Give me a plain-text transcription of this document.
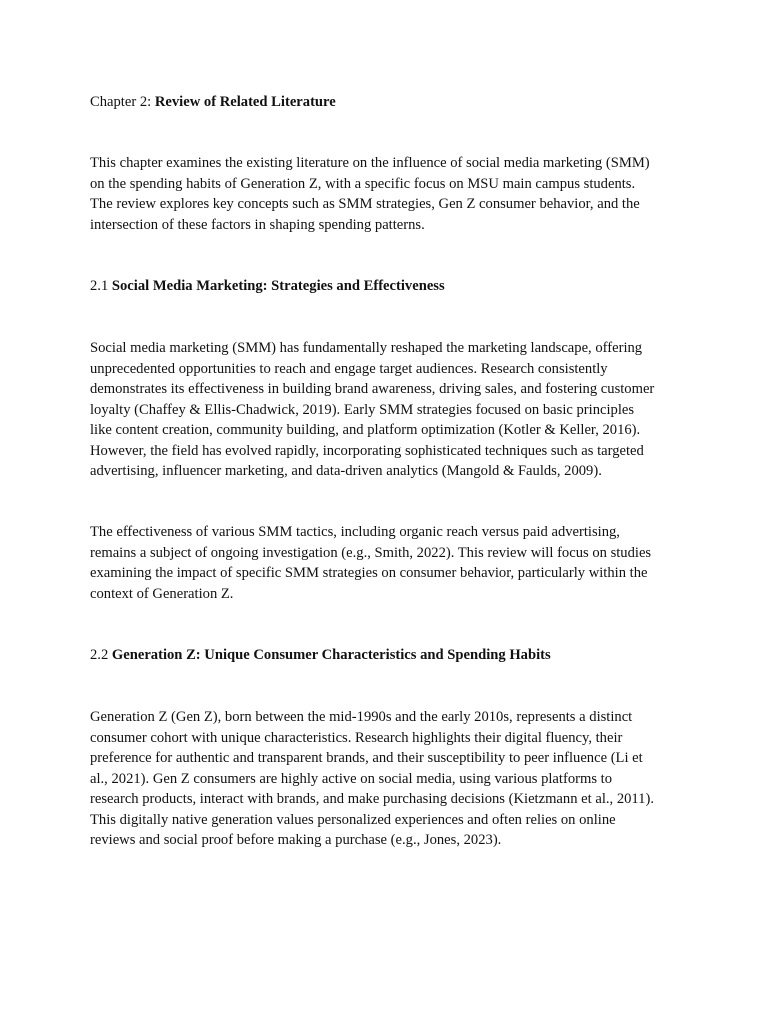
Chapter 2: Review of Related Literature
This chapter examines the existing literature on the influence of social media marketing (SMM)
on the spending habits of Generation Z, with a specific focus on MSU main campus students.
The review explores key concepts such as SMM strategies, Gen Z consumer behavior, and the
intersection of these factors in shaping spending patterns.
2.1 Social Media Marketing: Strategies and Effectiveness
Social media marketing (SMM) has fundamentally reshaped the marketing landscape, offering
unprecedented opportunities to reach and engage target audiences. Research consistently
demonstrates its effectiveness in building brand awareness, driving sales, and fostering customer
loyalty (Chaffey & Ellis-Chadwick, 2019). Early SMM strategies focused on basic principles
like content creation, community building, and platform optimization (Kotler & Keller, 2016).
However, the field has evolved rapidly, incorporating sophisticated techniques such as targeted
advertising, influencer marketing, and data-driven analytics (Mangold & Faulds, 2009).
The effectiveness of various SMM tactics, including organic reach versus paid advertising,
remains a subject of ongoing investigation (e.g., Smith, 2022). This review will focus on studies
examining the impact of specific SMM strategies on consumer behavior, particularly within the
context of Generation Z.
2.2 Generation Z: Unique Consumer Characteristics and Spending Habits
Generation Z (Gen Z), born between the mid-1990s and the early 2010s, represents a distinct
consumer cohort with unique characteristics. Research highlights their digital fluency, their
preference for authentic and transparent brands, and their susceptibility to peer influence (Li et
al., 2021). Gen Z consumers are highly active on social media, using various platforms to
research products, interact with brands, and make purchasing decisions (Kietzmann et al., 2011).
This digitally native generation values personalized experiences and often relies on online
reviews and social proof before making a purchase (e.g., Jones, 2023).
